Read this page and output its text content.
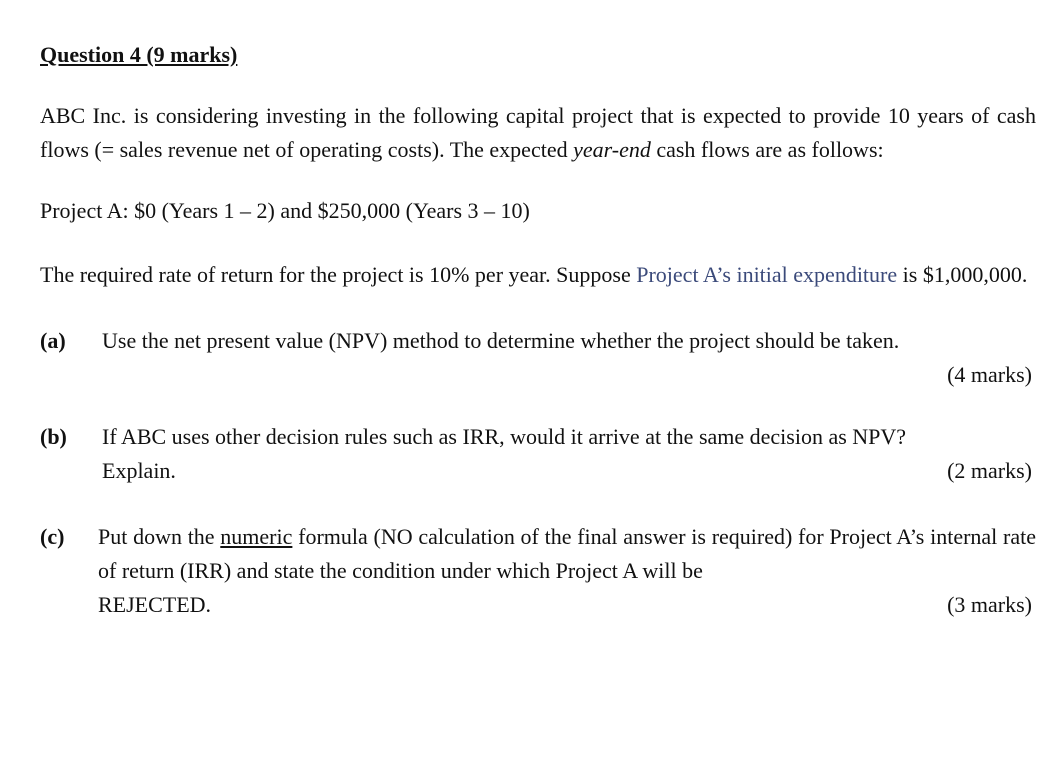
Question 4 (9 marks)

ABC Inc. is considering investing in the following capital project that is expected to provide 10 years of cash flows (= sales revenue net of operating costs). The expected year-end cash flows are as follows:

Project A: $0 (Years 1 – 2) and $250,000 (Years 3 – 10)

The required rate of return for the project is 10% per year. Suppose Project A’s initial expenditure is $1,000,000.

(a) Use the net present value (NPV) method to determine whether the project should be taken.
(4 marks)
(b) If ABC uses other decision rules such as IRR, would it arrive at the same decision as NPV?
(2 marks)
Explain.
(c) Put down the numeric formula (NO calculation of the final answer is required) for Project A’s internal rate of return (IRR) and state the condition under which Project A will be
(3 marks)
REJECTED.
